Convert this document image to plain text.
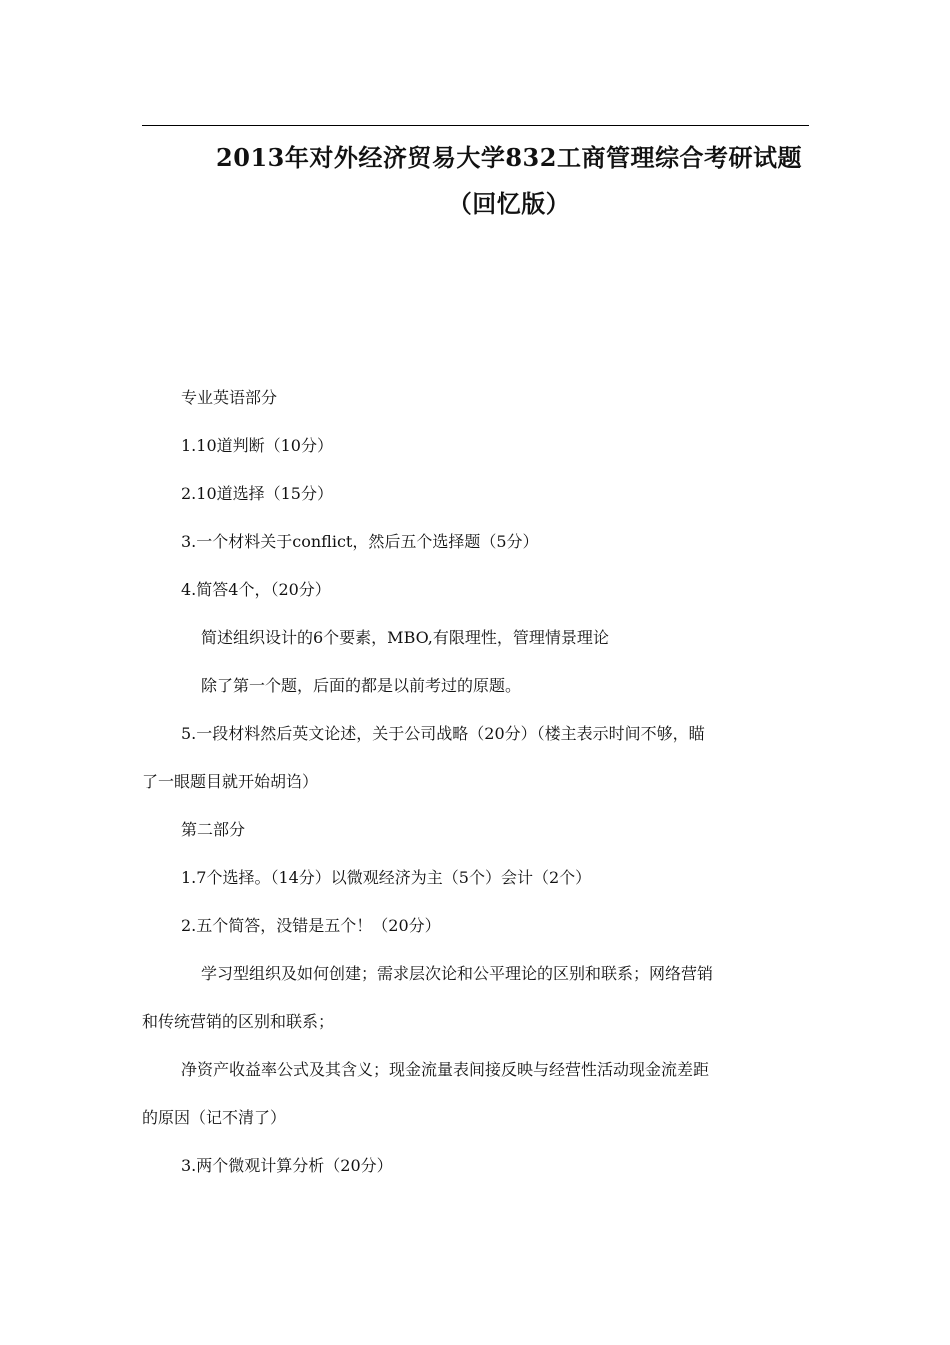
2013年对外经济贸易大学832工商管理综合考研试题
（回忆版）
专业英语部分
1.10道判断（10分）
2.10道选择（15分）
3.一个材料关于conflict，然后五个选择题（5分）
4.简答4个，（20分）
简述组织设计的6个要素，MBO,有限理性，管理情景理论
除了第一个题，后面的都是以前考过的原题。
5.一段材料然后英文论述，关于公司战略（20分）（楼主表示时间不够，瞄
了一眼题目就开始胡诌）
第二部分
1.7个选择。（14分）以微观经济为主（5个）会计（2个）
2.五个简答，没错是五个！（20分）
学习型组织及如何创建；需求层次论和公平理论的区别和联系；网络营销
和传统营销的区别和联系；
净资产收益率公式及其含义；现金流量表间接反映与经营性活动现金流差距
的原因（记不清了）
3.两个微观计算分析（20分）
